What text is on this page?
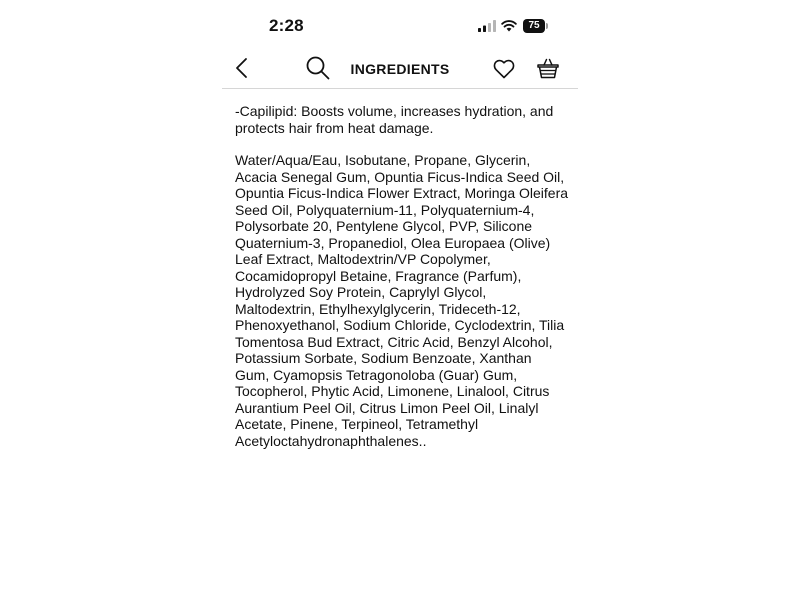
2:28	75
INGREDIENTS

-Capilipid: Boosts volume, increases hydration, and protects hair from heat damage.

Water/Aqua/Eau, Isobutane, Propane, Glycerin, Acacia Senegal Gum, Opuntia Ficus-Indica Seed Oil, Opuntia Ficus-Indica Flower Extract, Moringa Oleifera Seed Oil, Polyquaternium-11, Polyquaternium-4, Polysorbate 20, Pentylene Glycol, PVP, Silicone Quaternium-3, Propanediol, Olea Europaea (Olive) Leaf Extract, Maltodextrin/VP Copolymer, Cocamidopropyl Betaine, Fragrance (Parfum), Hydrolyzed Soy Protein, Caprylyl Glycol, Maltodextrin, Ethylhexylglycerin, Trideceth-12, Phenoxyethanol, Sodium Chloride, Cyclodextrin, Tilia Tomentosa Bud Extract, Citric Acid, Benzyl Alcohol, Potassium Sorbate, Sodium Benzoate, Xanthan Gum, Cyamopsis Tetragonoloba (Guar) Gum, Tocopherol, Phytic Acid, Limonene, Linalool, Citrus Aurantium Peel Oil, Citrus Limon Peel Oil, Linalyl Acetate, Pinene, Terpineol, Tetramethyl Acetyloctahydronaphthalenes..
